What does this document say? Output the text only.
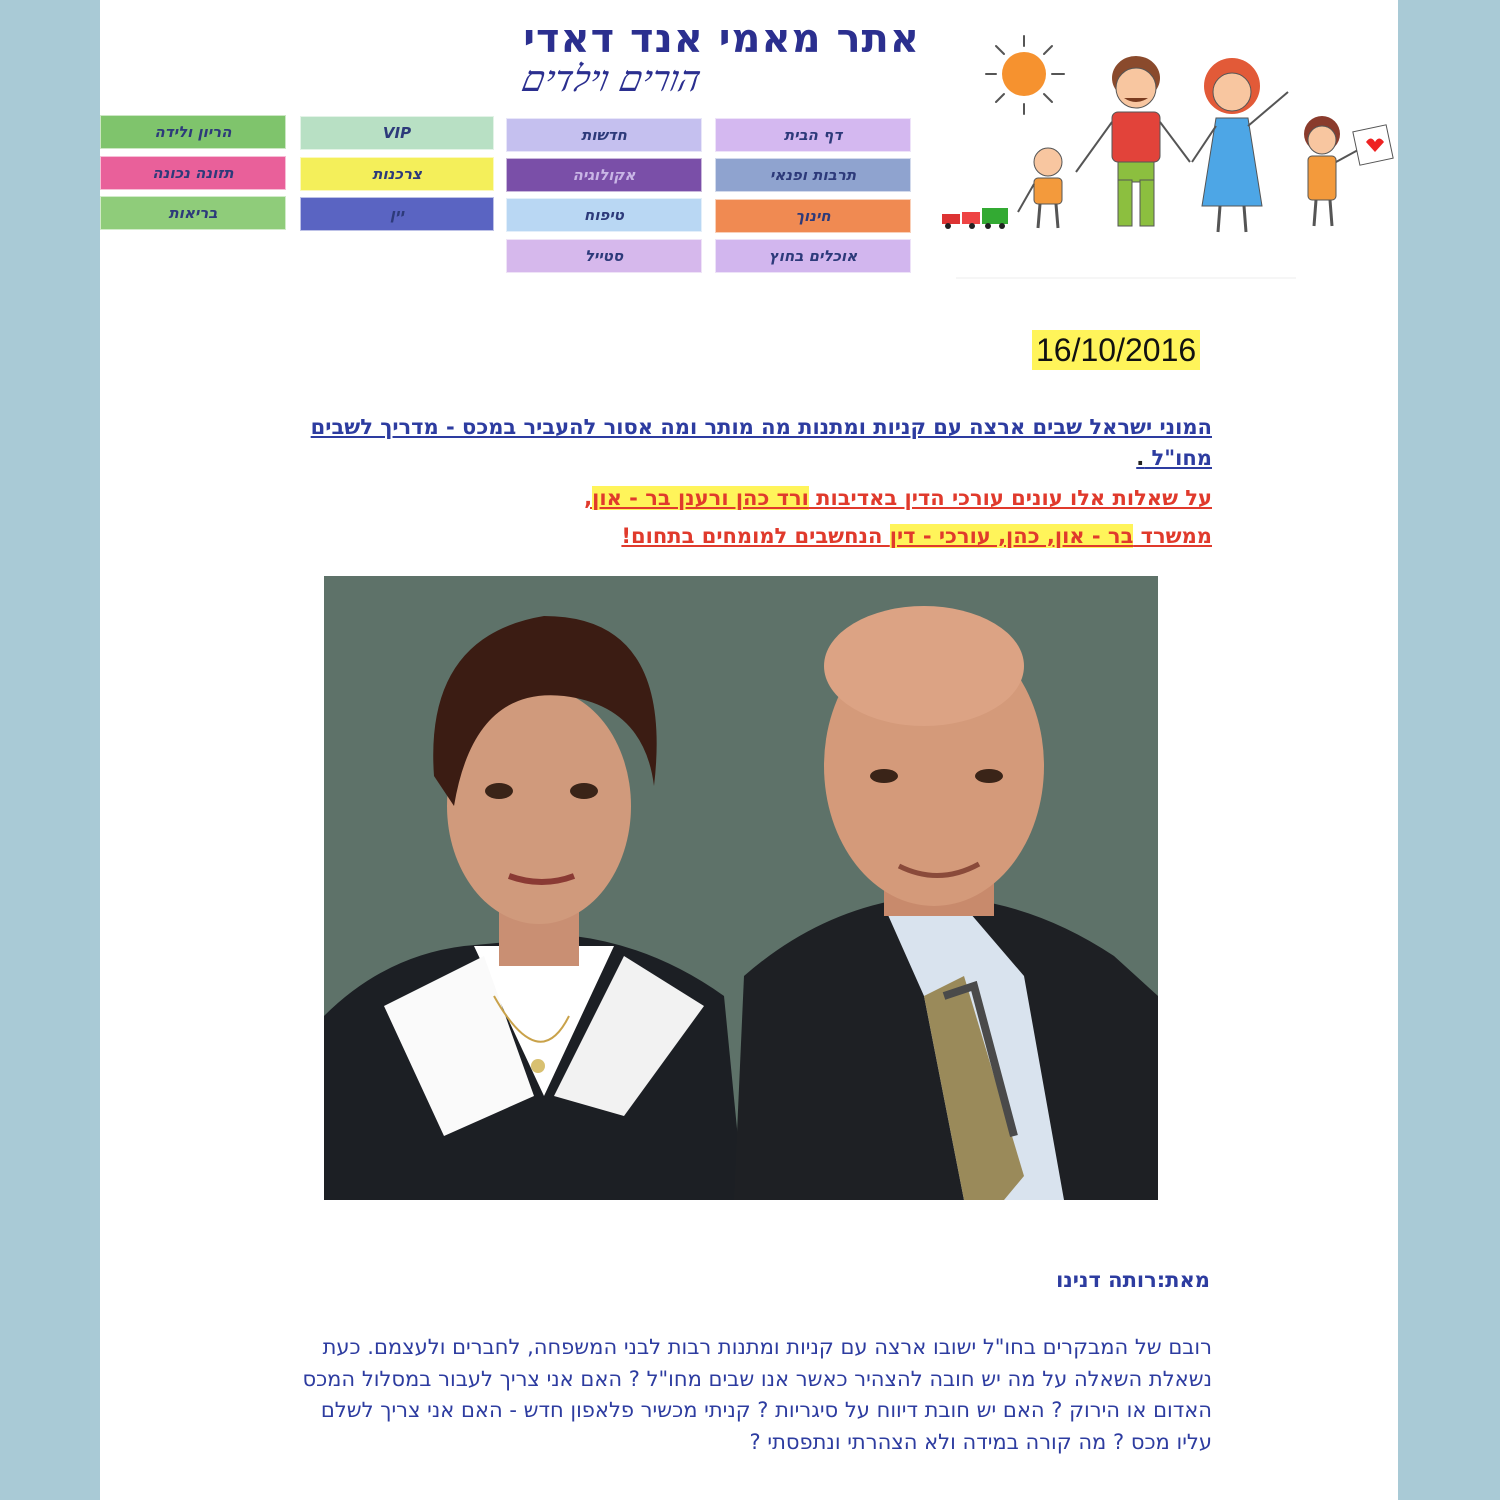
אתר מאמי אנד דאדי
הורים וילדים
דף הבית
חדשות
VIP
הריון ולידה
תרבות ופנאי
אקולוגיה
צרכנות
תזונה נכונה
חינוך
טיפוח
יין
בריאות
אוכלים בחוץ
סטייל
16/10/2016
המוני ישראל שבים ארצה עם קניות ומתנות מה מותר ומה אסור להעביר במכס - מדריך לשבים מחו"ל .
על שאלות אלו עונים עורכי הדין באדיבות ורד כהן ורענן בר - און,
ממשרד בר - און, כהן, עורכי - דין הנחשבים למומחים בתחום!
מאת:רותה דנינו
רובם של המבקרים בחו"ל ישובו ארצה עם קניות ומתנות רבות לבני המשפחה, לחברים ולעצמם. כעת נשאלת השאלה על מה יש חובה להצהיר כאשר אנו שבים מחו"ל ? האם אני צריך לעבור במסלול המכס האדום או הירוק ? האם יש חובת דיווח על סיגריות ? קניתי מכשיר פלאפון חדש - האם אני צריך לשלם עליו מכס ? מה קורה במידה ולא הצהרתי ונתפסתי ?
